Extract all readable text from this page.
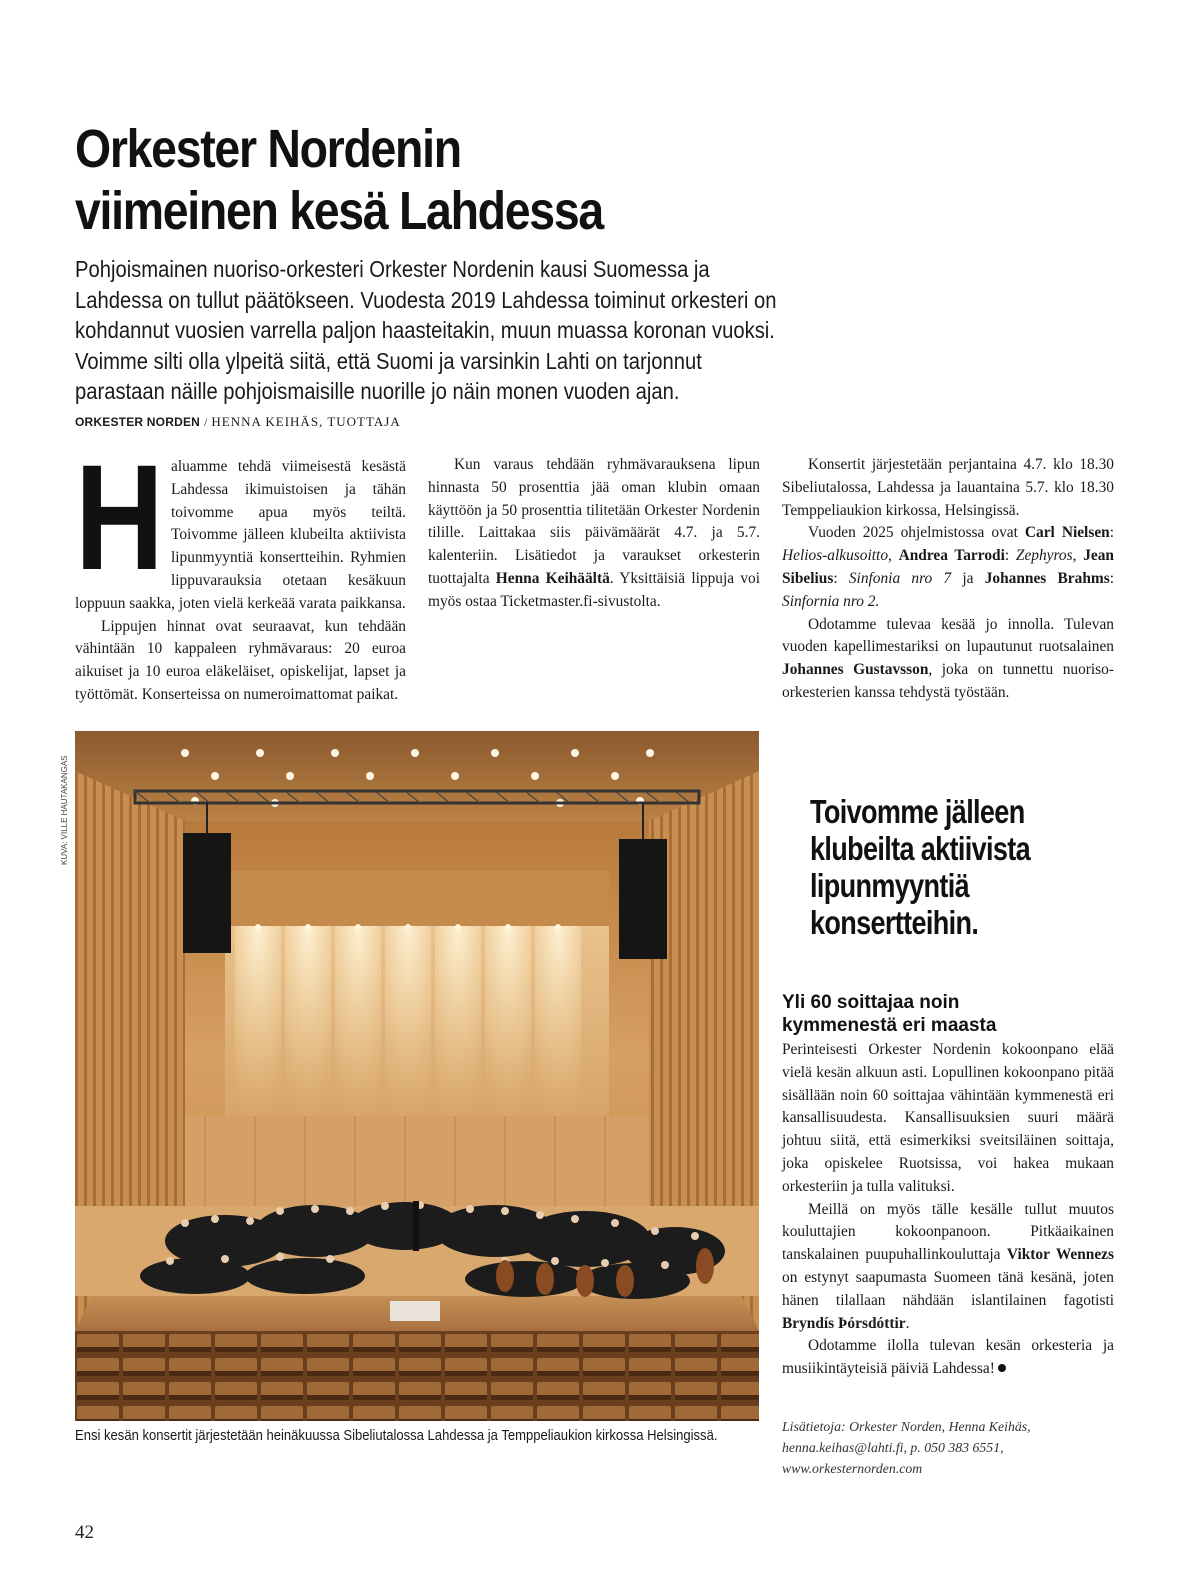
Orkester Nordenin
viimeinen kesä Lahdessa
Pohjoismainen nuoriso-orkesteri Orkester Nordenin kausi Suomessa ja
Lahdessa on tullut päätökseen. Vuodesta 2019 Lahdessa toiminut orkesteri on
kohdannut vuosien varrella paljon haasteitakin, muun muassa koronan vuoksi.
Voimme silti olla ylpeitä siitä, että Suomi ja varsinkin Lahti on tarjonnut
parastaan näille pohjoismaisille nuorille jo näin monen vuoden ajan.
ORKESTER NORDEN / HENNA KEIHÄS, TUOTTAJA

Haluamme tehdä viimeisestä kesästä Lahdessa ikimuistoisen ja tähän toivomme apua myös teiltä. Toivomme jälleen klubeilta aktiivista lipunmyyntiä konsertteihin. Ryhmien lippuvarauksia otetaan kesäkuun loppuun saakka, joten vielä kerkeää varata paikkansa.

Lippujen hinnat ovat seuraavat, kun tehdään vähintään 10 kappaleen ryhmävaraus: 20 euroa aikuiset ja 10 euroa eläkeläiset, opiskelijat, lapset ja työttömät. Konserteissa on numeroimattomat paikat.

Kun varaus tehdään ryhmävarauksena lipun hinnasta 50 prosenttia jää oman klubin omaan käyttöön ja 50 prosenttia tilitetään Orkester Nordenin tilille. Laittakaa siis päivämäärät 4.7. ja 5.7. kalenteriin. Lisätiedot ja varaukset orkesterin tuottajalta Henna Keihäältä. Yksittäisiä lippuja voi myös ostaa Ticketmaster.fi-sivustolta.

Konsertit järjestetään perjantaina 4.7. klo 18.30 Sibeliutalossa, Lahdessa ja lauantaina 5.7. klo 18.30 Temppeliaukion kirkossa, Helsingissä.

Vuoden 2025 ohjelmistossa ovat Carl Nielsen: Helios-alkusoitto, Andrea Tarrodi: Zephyros, Jean Sibelius: Sinfonia nro 7 ja Johannes Brahms: Sinfornia nro 2.

Odotamme tulevaa kesää jo innolla. Tulevan vuoden kapellimestariksi on lupautunut ruotsalainen Johannes Gustavsson, joka on tunnettu nuoriso-orkesterien kanssa tehdystä työstään.

KUVA: VILLE HAUTAKANGAS
Ensi kesän konsertit järjestetään heinäkuussa Sibeliutalossa Lahdessa ja Temppeliaukion kirkossa Helsingissä.
Toivomme jälleen
klubeilta aktiivista
lipunmyyntiä
konsertteihin.
Yli 60 soittajaa noin
kymmenestä eri maasta

Perinteisesti Orkester Nordenin kokoonpano elää vielä kesän alkuun asti. Lopullinen kokoonpano pitää sisällään noin 60 soittajaa vähintään kymmenestä eri kansallisuudesta. Kansallisuuksien suuri määrä johtuu siitä, että esimerkiksi sveitsiläinen soittaja, joka opiskelee Ruotsissa, voi hakea mukaan orkesteriin ja tulla valituksi.

Meillä on myös tälle kesälle tullut muutos kouluttajien kokoonpanoon. Pitkäaikainen tanskalainen puupuhallinkouluttaja Viktor Wennezs on estynyt saapumasta Suomeen tänä kesänä, joten hänen tilallaan nähdään islantilainen fagotisti Bryndís Þórsdóttir.

Odotamme ilolla tulevan kesän orkesteria ja musiikintäyteisiä päiviä Lahdessa!

Lisätietoja: Orkester Norden, Henna Keihäs,
henna.keihas@lahti.fi, p. 050 383 6551,
www.orkesternorden.com
42
